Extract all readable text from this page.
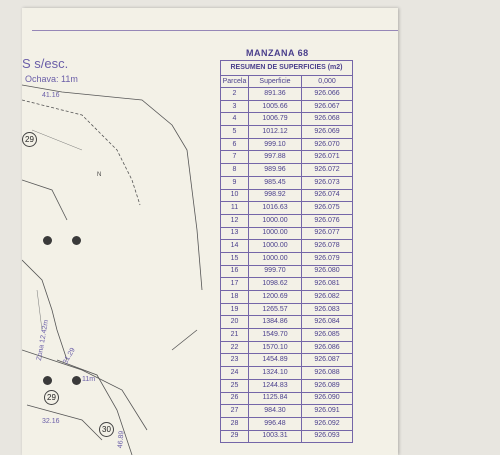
S s/esc.
Ochava: 11m
41.16
N
Zona 12.42m 31.29
32.16
46.89
11m
29
29
30
MANZANA 68
RESUMEN DE SUPERFICIES (m2)		
Parcela	Superficie	0,000
2	891.36	926.066
3	1005.66	926.067
4	1006.79	926.068
5	1012.12	926.069
6	999.10	926.070
7	997.88	926.071
8	989.96	926.072
9	985.45	926.073
10	998.92	926.074
11	1016.63	926.075
12	1000.00	926.076
13	1000.00	926.077
14	1000.00	926.078
15	1000.00	926.079
16	999.70	926.080
17	1098.62	926.081
18	1200.69	926.082
19	1265.57	926.083
20	1384.86	926.084
21	1549.70	926.085
22	1570.10	926.086
23	1454.89	926.087
24	1324.10	926.088
25	1244.83	926.089
26	1125.84	926.090
27	984.30	926.091
28	996.48	926.092
29	1003.31	926.093
